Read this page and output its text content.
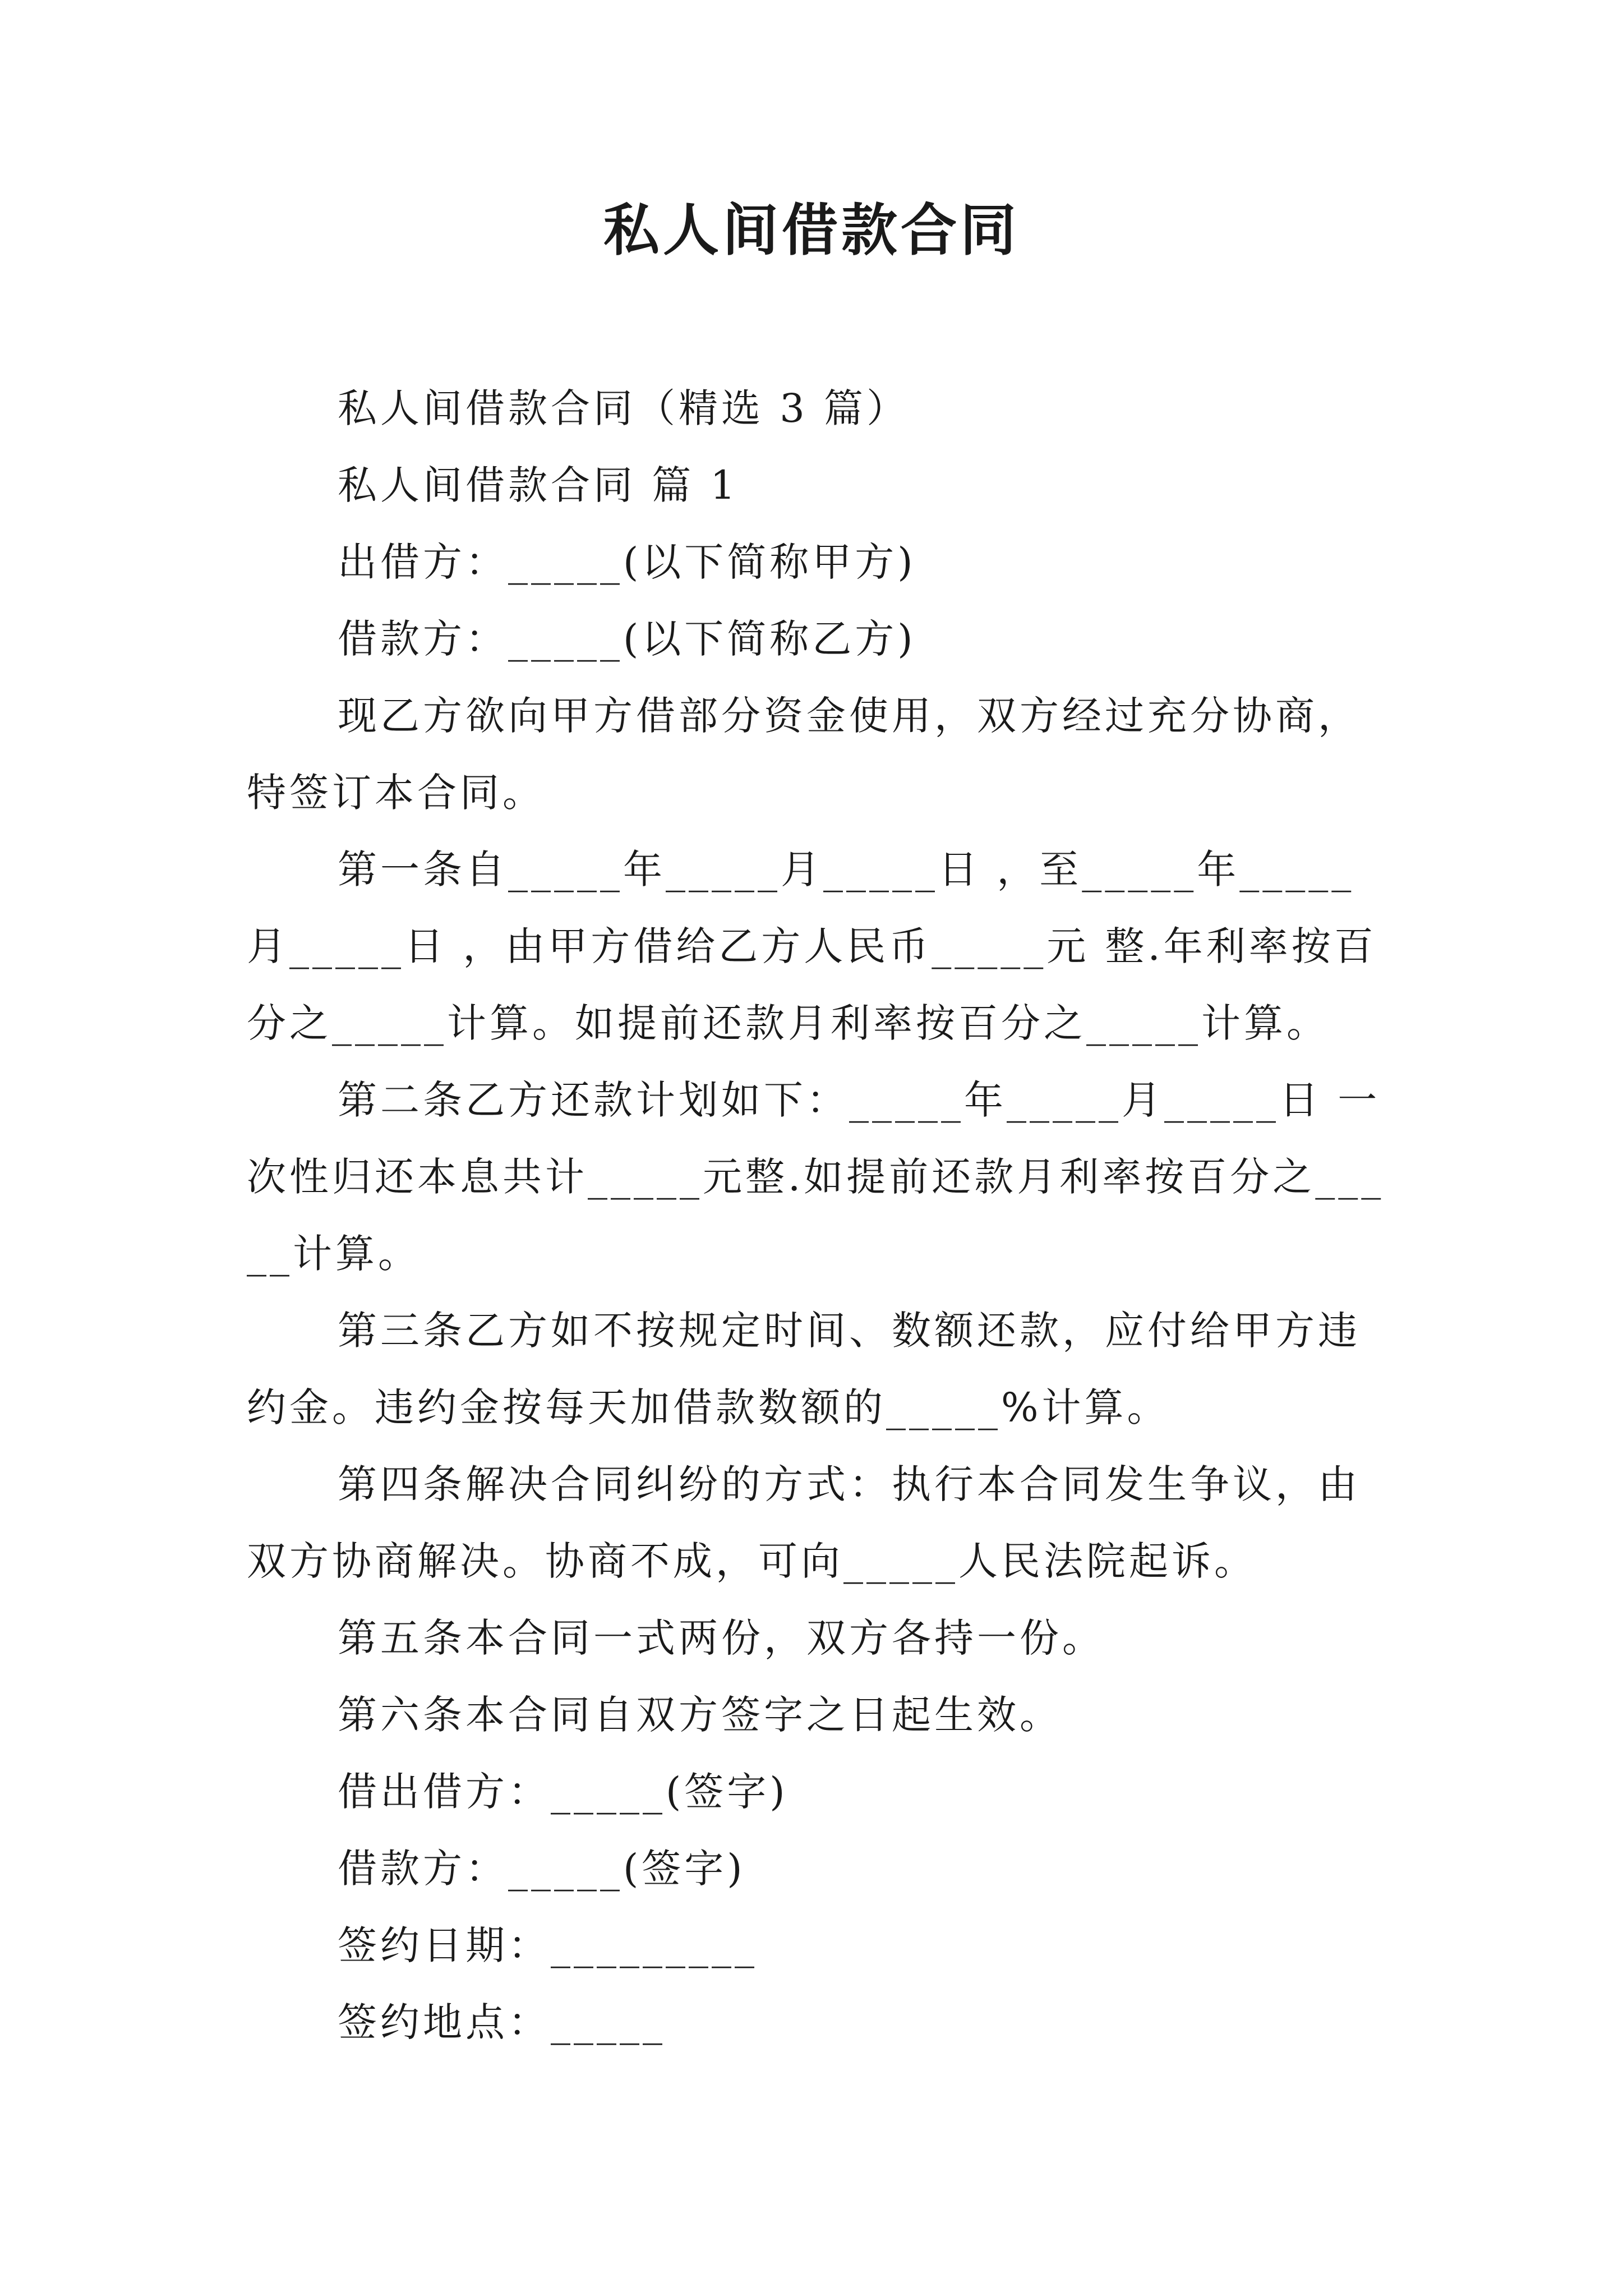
私人间借款合同

私人间借款合同（精选 3 篇）

私人间借款合同 篇 1

出借方：_____(以下简称甲方)

借款方：_____(以下简称乙方)

现乙方欲向甲方借部分资金使用，双方经过充分协商，特签订本合同。

第一条自_____年_____月_____日 ，至_____年_____月_____日 ，由甲方借给乙方人民币_____元 整.年利率按百分之_____计算。如提前还款月利率按百分之_____计算。

第二条乙方还款计划如下：_____年_____月_____日 一次性归还本息共计_____元整.如提前还款月利率按百分之_____计算。

第三条乙方如不按规定时间、数额还款，应付给甲方违约金。违约金按每天加借款数额的_____%计算。

第四条解决合同纠纷的方式：执行本合同发生争议，由双方协商解决。协商不成，可向_____人民法院起诉。

第五条本合同一式两份，双方各持一份。

第六条本合同自双方签字之日起生效。

借出借方：_____(签字)

借款方：_____(签字)

签约日期：_________

签约地点：_____
